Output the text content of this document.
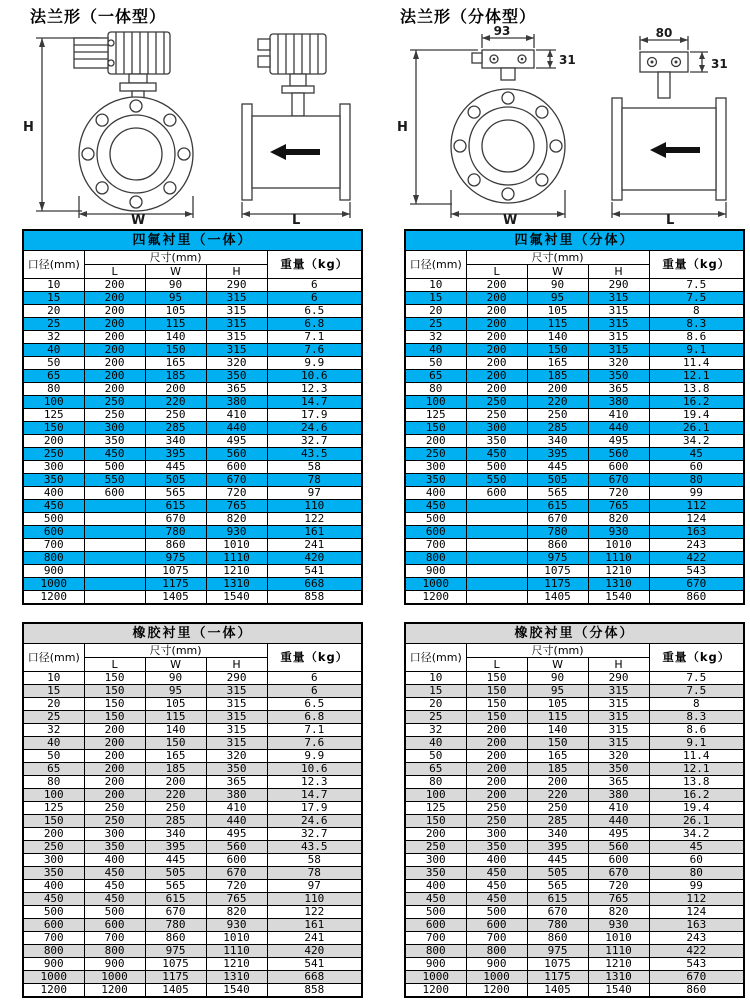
法兰形（一体型）	法兰形（分体型）
H
W	L
H
W	L
93
31
80
31
四氟衬里（一体）				
口径(mm)	尺寸(mm)			重量（kg）
	L	W	H	
10	200	90	290	6
15	200	95	315	6
20	200	105	315	6.5
25	200	115	315	6.8
32	200	140	315	7.1
40	200	150	315	7.6
50	200	165	320	9.9
65	200	185	350	10.6
80	200	200	365	12.3
100	250	220	380	14.7
125	250	250	410	17.9
150	300	285	440	24.6
200	350	340	495	32.7
250	450	395	560	43.5
300	500	445	600	58
350	550	505	670	78
400	600	565	720	97
450		615	765	110
500		670	820	122
600		780	930	161
700		860	1010	241
800		975	1110	420
900		1075	1210	541
1000		1175	1310	668
1200		1405	1540	858
四氟衬里（分体）				
口径(mm)	尺寸(mm)			重量（kg）
	L	W	H	
10	200	90	290	7.5
15	200	95	315	7.5
20	200	105	315	8
25	200	115	315	8.3
32	200	140	315	8.6
40	200	150	315	9.1
50	200	165	320	11.4
65	200	185	350	12.1
80	200	200	365	13.8
100	250	220	380	16.2
125	250	250	410	19.4
150	300	285	440	26.1
200	350	340	495	34.2
250	450	395	560	45
300	500	445	600	60
350	550	505	670	80
400	600	565	720	99
450		615	765	112
500		670	820	124
600		780	930	163
700		860	1010	243
800		975	1110	422
900		1075	1210	543
1000		1175	1310	670
1200		1405	1540	860
橡胶衬里（一体）				
口径(mm)	尺寸(mm)			重量（kg）
	L	W	H	
10	150	90	290	6
15	150	95	315	6
20	150	105	315	6.5
25	150	115	315	6.8
32	200	140	315	7.1
40	200	150	315	7.6
50	200	165	320	9.9
65	200	185	350	10.6
80	200	200	365	12.3
100	200	220	380	14.7
125	250	250	410	17.9
150	250	285	440	24.6
200	300	340	495	32.7
250	350	395	560	43.5
300	400	445	600	58
350	450	505	670	78
400	450	565	720	97
450	450	615	765	110
500	500	670	820	122
600	600	780	930	161
700	700	860	1010	241
800	800	975	1110	420
900	900	1075	1210	541
1000	1000	1175	1310	668
1200	1200	1405	1540	858
橡胶衬里（分体）				
口径(mm)	尺寸(mm)			重量（kg）
	L	W	H	
10	150	90	290	7.5
15	150	95	315	7.5
20	150	105	315	8
25	150	115	315	8.3
32	200	140	315	8.6
40	200	150	315	9.1
50	200	165	320	11.4
65	200	185	350	12.1
80	200	200	365	13.8
100	200	220	380	16.2
125	250	250	410	19.4
150	250	285	440	26.1
200	300	340	495	34.2
250	350	395	560	45
300	400	445	600	60
350	450	505	670	80
400	450	565	720	99
450	450	615	765	112
500	500	670	820	124
600	600	780	930	163
700	700	860	1010	243
800	800	975	1110	422
900	900	1075	1210	543
1000	1000	1175	1310	670
1200	1200	1405	1540	860
